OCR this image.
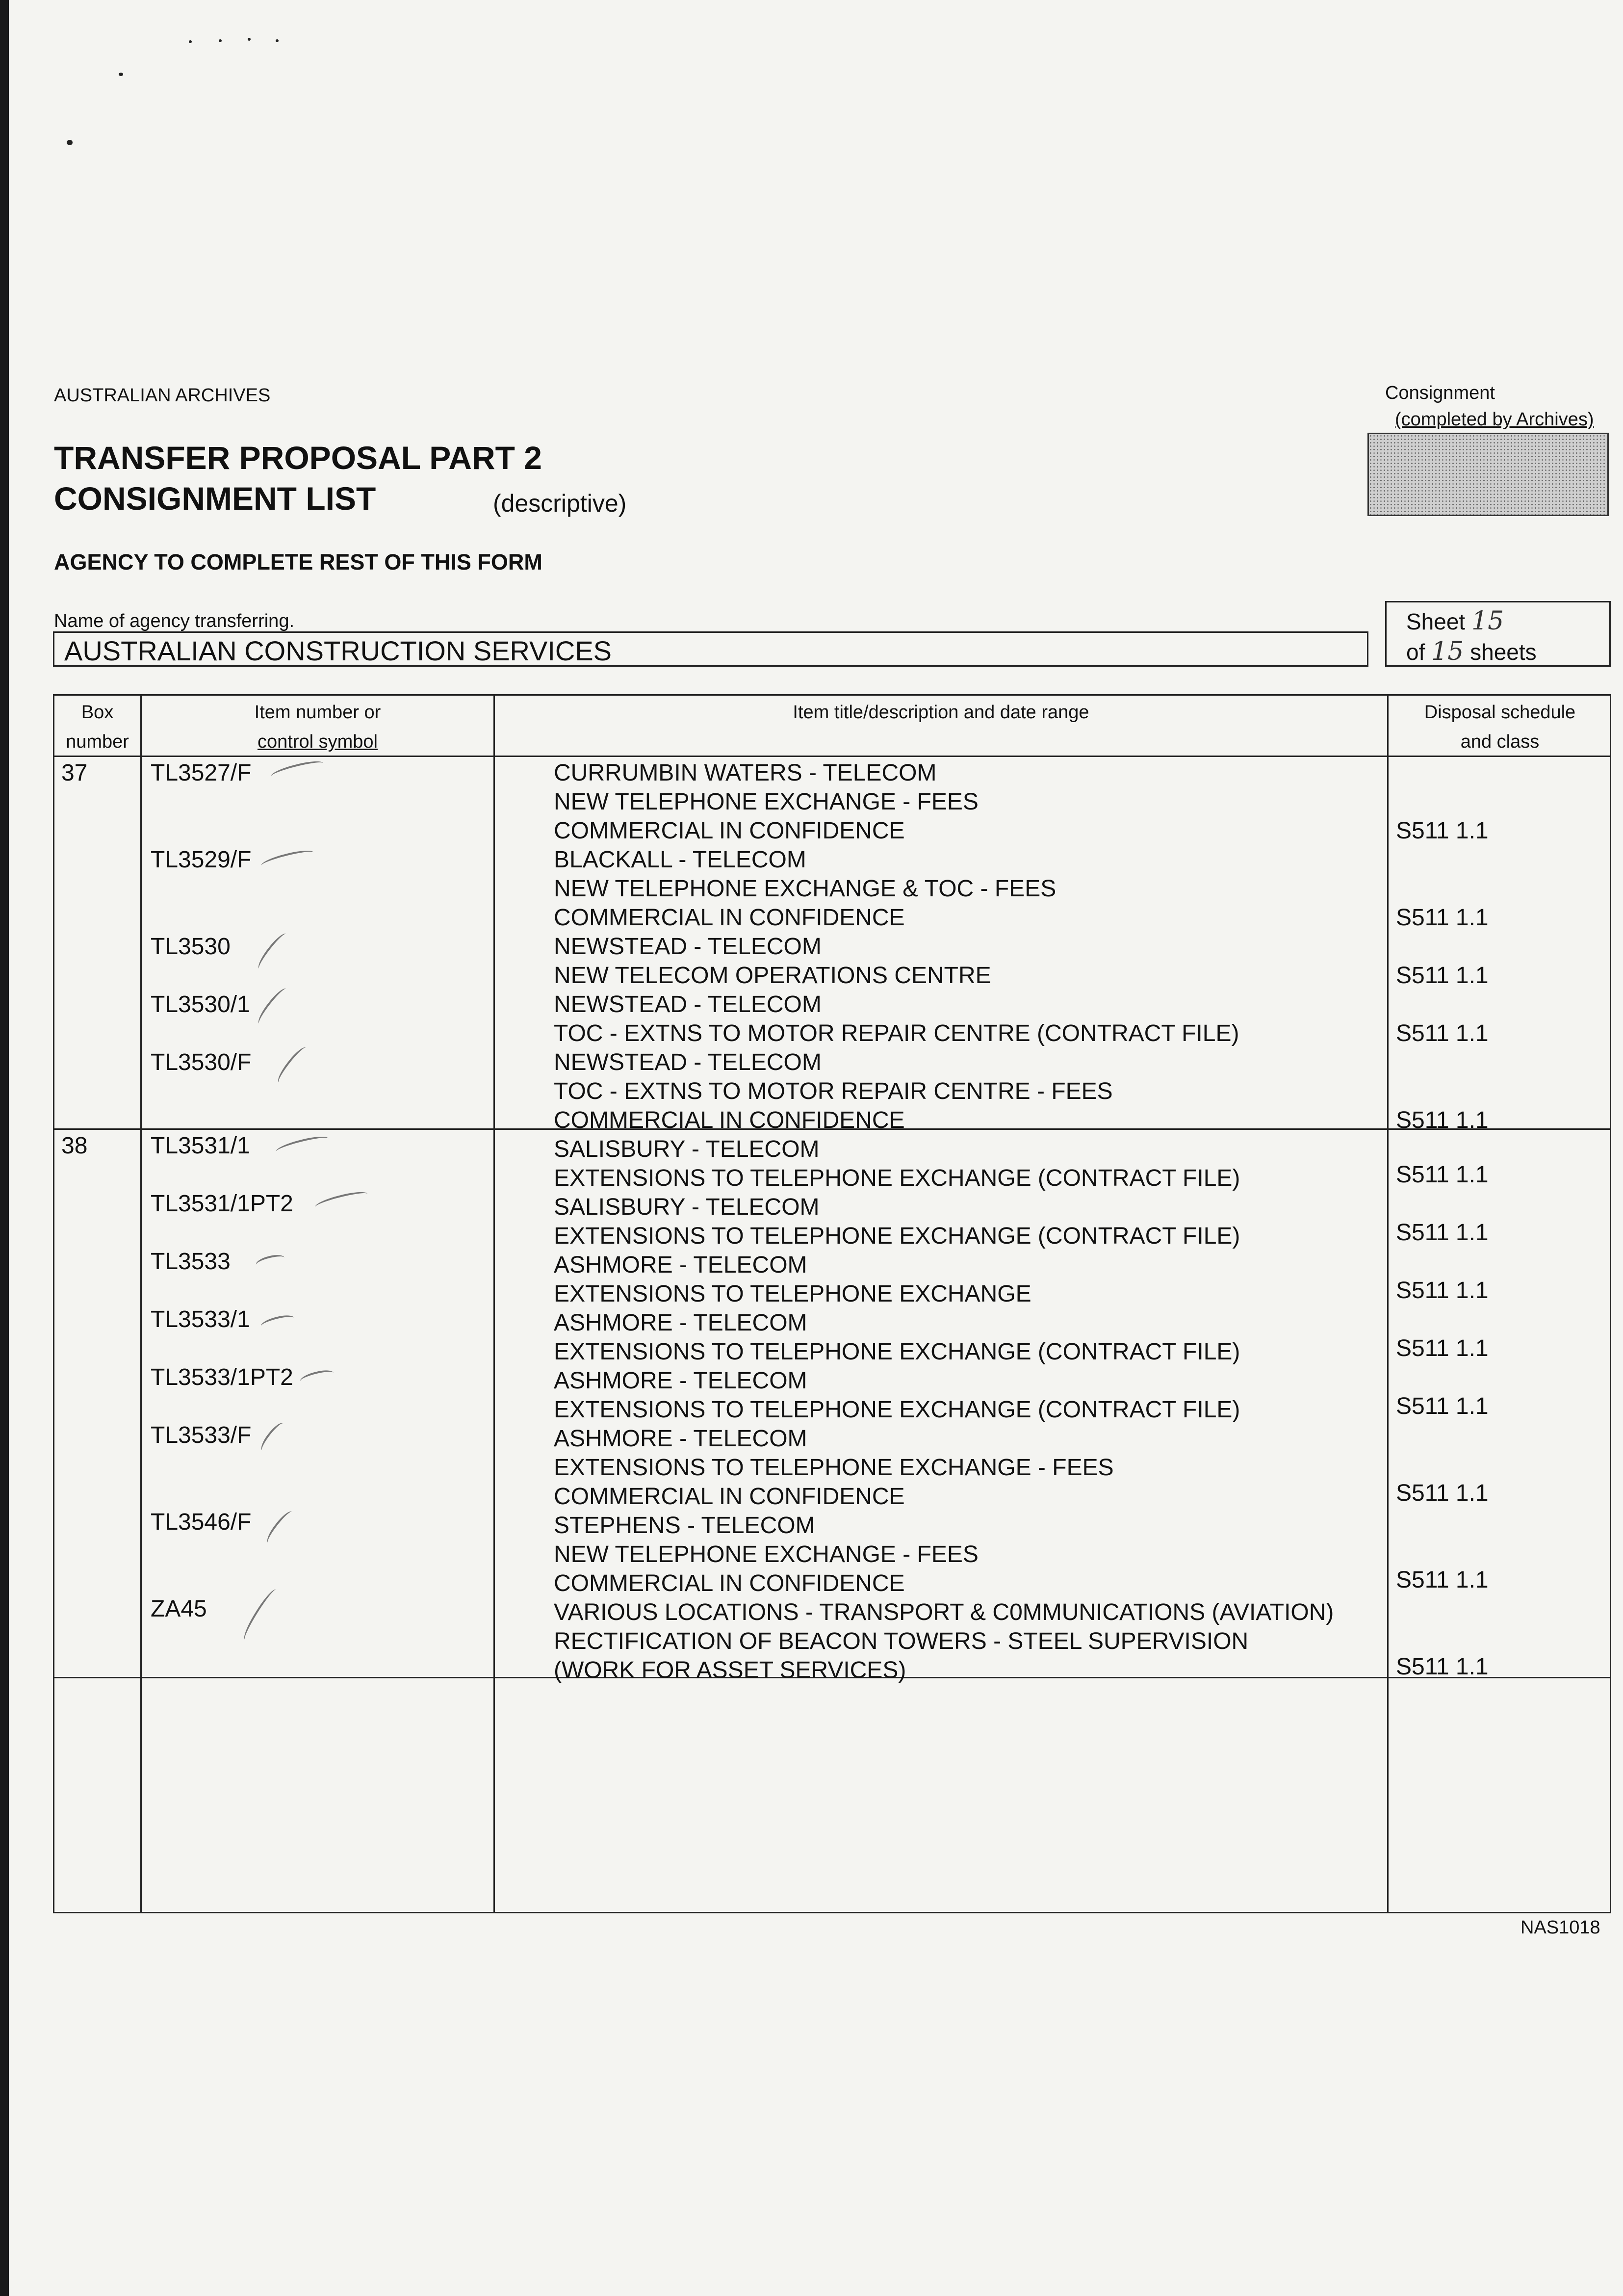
AUSTRALIAN ARCHIVES
TRANSFER PROPOSAL PART 2
CONSIGNMENT LIST	(descriptive)
AGENCY TO COMPLETE REST OF THIS FORM
Consignment
(completed by Archives)
Name of agency transferring.
AUSTRALIAN CONSTRUCTION SERVICES
Sheet 15
of 15 sheets
Box
number
Item number or
control symbol
Item title/description and date range	Disposal schedule
and class
37
38
TL3527/F
TL3529/F
TL3530
TL3530/1
TL3530/F
TL3531/1
TL3531/1PT2
TL3533
TL3533/1
TL3533/1PT2
TL3533/F
TL3546/F
ZA45
CURRUMBIN WATERS - TELECOM
NEW TELEPHONE EXCHANGE - FEES
COMMERCIAL IN CONFIDENCE
BLACKALL - TELECOM
NEW TELEPHONE EXCHANGE & TOC - FEES
COMMERCIAL IN CONFIDENCE
NEWSTEAD - TELECOM
NEW TELECOM OPERATIONS CENTRE
NEWSTEAD - TELECOM
TOC - EXTNS TO MOTOR REPAIR CENTRE (CONTRACT FILE)
NEWSTEAD - TELECOM
TOC - EXTNS TO MOTOR REPAIR CENTRE - FEES
COMMERCIAL IN CONFIDENCE
SALISBURY - TELECOM
EXTENSIONS TO TELEPHONE EXCHANGE (CONTRACT FILE)
SALISBURY - TELECOM
EXTENSIONS TO TELEPHONE EXCHANGE (CONTRACT FILE)
ASHMORE - TELECOM
EXTENSIONS TO TELEPHONE EXCHANGE
ASHMORE - TELECOM
EXTENSIONS TO TELEPHONE EXCHANGE (CONTRACT FILE)
ASHMORE - TELECOM
EXTENSIONS TO TELEPHONE EXCHANGE (CONTRACT FILE)
ASHMORE - TELECOM
EXTENSIONS TO TELEPHONE EXCHANGE - FEES
COMMERCIAL IN CONFIDENCE
STEPHENS - TELECOM
NEW TELEPHONE EXCHANGE - FEES
COMMERCIAL IN CONFIDENCE
VARIOUS LOCATIONS - TRANSPORT & C0MMUNICATIONS (AVIATION)
RECTIFICATION OF BEACON TOWERS - STEEL SUPERVISION
(WORK FOR ASSET SERVICES)
S511 1.1
S511 1.1
S511 1.1
S511 1.1
S511 1.1
S511 1.1
S511 1.1
S511 1.1
S511 1.1
S511 1.1
S511 1.1
S511 1.1
S511 1.1
NAS1018
